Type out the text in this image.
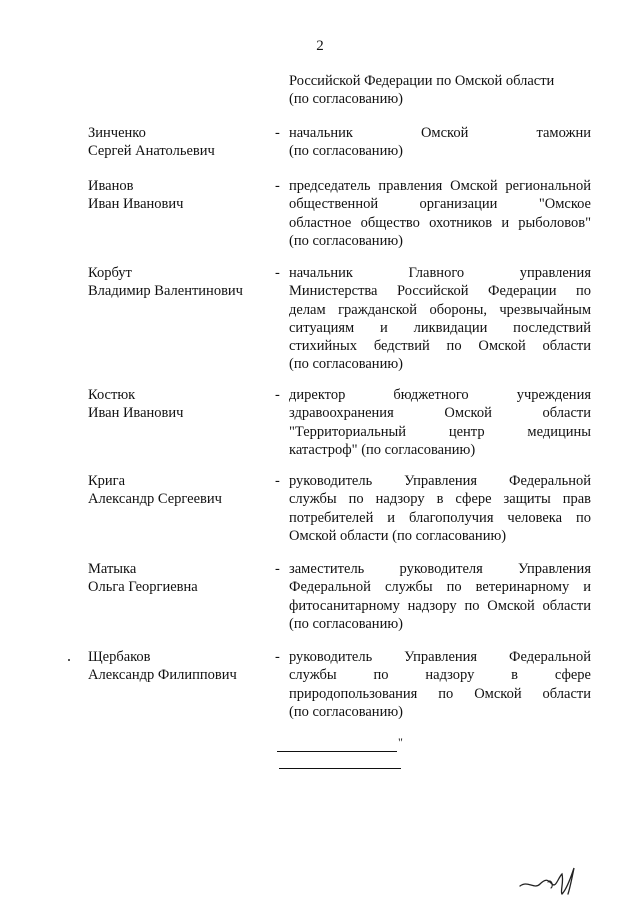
2
Российской Федерации по Омской области
(по согласованию)
Зинченко
Сергей Анатольевич
- начальник Омской таможни
(по согласованию)
Иванов
Иван Иванович
- председатель правления Омской региональной
общественной организации "Омское
областное общество охотников и рыболовов"
(по согласованию)
Корбут
Владимир Валентинович
- начальник Главного управления
Министерства Российской Федерации по
делам гражданской обороны, чрезвычайным
ситуациям и ликвидации последствий
стихийных бедствий по Омской области
(по согласованию)
Костюк
Иван Иванович
- директор бюджетного учреждения
здравоохранения Омской области
"Территориальный центр медицины
катастроф" (по согласованию)
Крига
Александр Сергеевич
- руководитель Управления Федеральной
службы по надзору в сфере защиты прав
потребителей и благополучия человека по
Омской области (по согласованию)
Матыка
Ольга Георгиевна
- заместитель руководителя Управления
Федеральной службы по ветеринарному и
фитосанитарному надзору по Омской области
(по согласованию)
Щербаков
Александр Филиппович
- руководитель Управления Федеральной
службы по надзору в сфере
природопользования по Омской области
(по согласованию)
"
